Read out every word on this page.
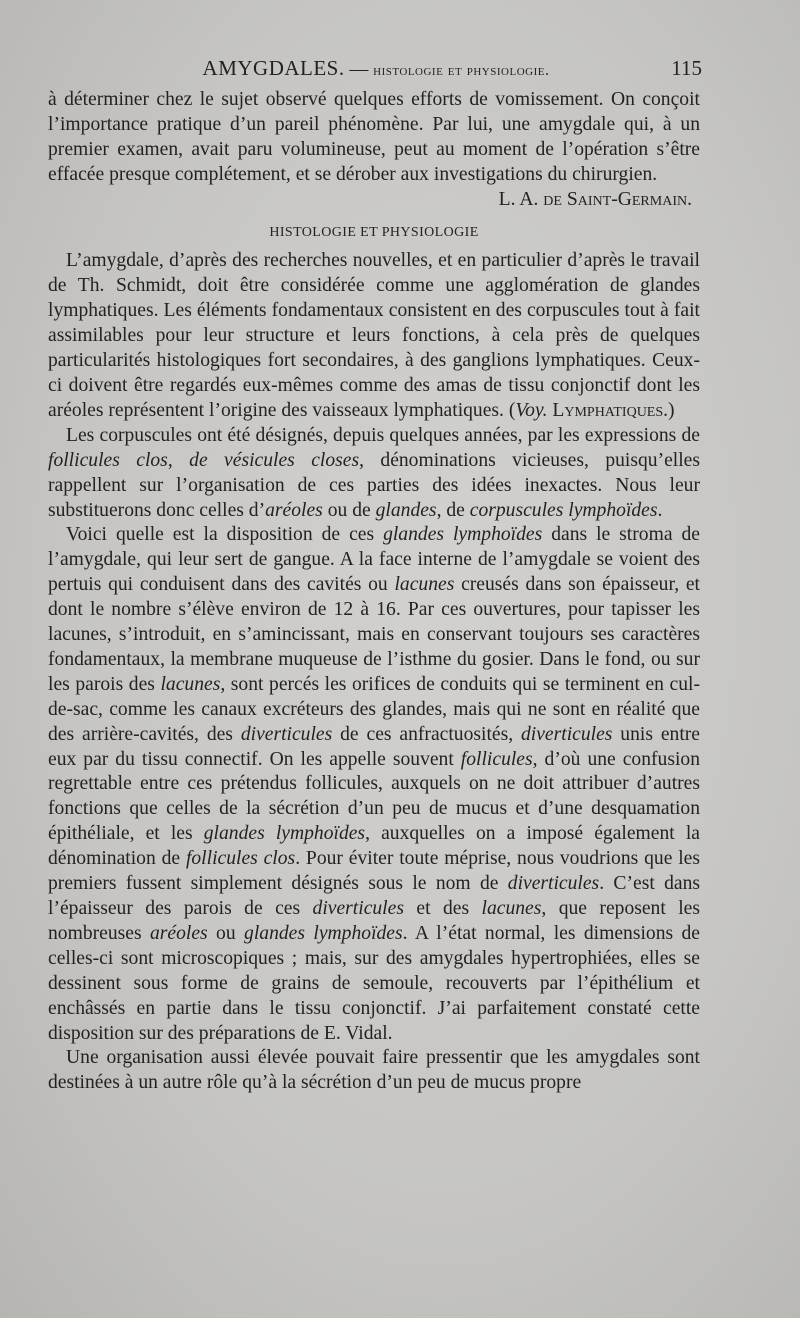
AMYGDALES. — histologie et physiologie.	115

à déterminer chez le sujet observé quelques efforts de vomissement. On conçoit l’importance pratique d’un pareil phénomène. Par lui, une amygdale qui, à un premier examen, avait paru volumineuse, peut au moment de l’opération s’être effacée presque complétement, et se dérober aux investigations du chirurgien.

L. A. de Saint-Germain.

HISTOLOGIE ET PHYSIOLOGIE

L’amygdale, d’après des recherches nouvelles, et en particulier d’après le travail de Th. Schmidt, doit être considérée comme une agglomération de glandes lymphatiques. Les éléments fondamentaux consistent en des corpuscules tout à fait assimilables pour leur structure et leurs fonctions, à cela près de quelques particularités histologiques fort secondaires, à des ganglions lymphatiques. Ceux-ci doivent être regardés eux-mêmes comme des amas de tissu conjonctif dont les aréoles représentent l’origine des vaisseaux lymphatiques. (Voy. Lymphatiques.)

Les corpuscules ont été désignés, depuis quelques années, par les expressions de follicules clos, de vésicules closes, dénominations vicieuses, puisqu’elles rappellent sur l’organisation de ces parties des idées inexactes. Nous leur substituerons donc celles d’aréoles ou de glandes, de corpuscules lymphoïdes.

Voici quelle est la disposition de ces glandes lymphoïdes dans le stroma de l’amygdale, qui leur sert de gangue. A la face interne de l’amygdale se voient des pertuis qui conduisent dans des cavités ou lacunes creusés dans son épaisseur, et dont le nombre s’élève environ de 12 à 16. Par ces ouvertures, pour tapisser les lacunes, s’introduit, en s’amincissant, mais en conservant toujours ses caractères fondamentaux, la membrane muqueuse de l’isthme du gosier. Dans le fond, ou sur les parois des lacunes, sont percés les orifices de conduits qui se terminent en cul-de-sac, comme les canaux excréteurs des glandes, mais qui ne sont en réalité que des arrière-cavités, des diverticules de ces anfractuosités, diverticules unis entre eux par du tissu connectif. On les appelle souvent follicules, d’où une confusion regrettable entre ces prétendus follicules, auxquels on ne doit attribuer d’autres fonctions que celles de la sécrétion d’un peu de mucus et d’une desquamation épithéliale, et les glandes lymphoïdes, auxquelles on a imposé également la dénomination de follicules clos. Pour éviter toute méprise, nous voudrions que les premiers fussent simplement désignés sous le nom de diverticules. C’est dans l’épaisseur des parois de ces diverticules et des lacunes, que reposent les nombreuses aréoles ou glandes lymphoïdes. A l’état normal, les dimensions de celles-ci sont microscopiques ; mais, sur des amygdales hypertrophiées, elles se dessinent sous forme de grains de semoule, recouverts par l’épithélium et enchâssés en partie dans le tissu conjonctif. J’ai parfaitement constaté cette disposition sur des préparations de E. Vidal.

Une organisation aussi élevée pouvait faire pressentir que les amygdales sont destinées à un autre rôle qu’à la sécrétion d’un peu de mucus propre
